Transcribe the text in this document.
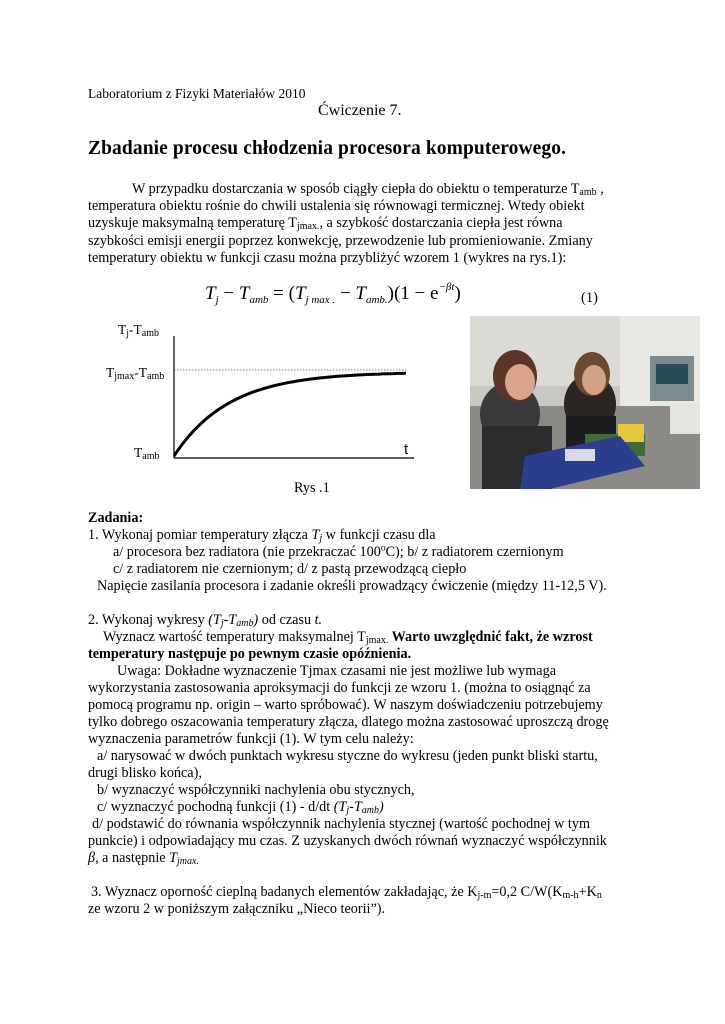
Laboratorium z Fizyki Materiałów 2010
Ćwiczenie 7.
Zbadanie procesu chłodzenia procesora komputerowego.
W przypadku dostarczania w sposób ciągły ciepła do obiektu o temperaturze $T_{amb}$ ,
temperatura obiektu rośnie do chwili ustalenia się równowagi termicznej. Wtedy obiekt
uzyskuje maksymalną temperaturę $T_{jmax.}$, a szybkość dostarczania ciepła jest równa
szybkości emisji energii poprzez konwekcję, przewodzenie lub promieniowanie. Zmiany
temperatury obiektu w funkcji czasu można przybliżyć wzorem 1 (wykres na rys.1):
$T_j - T_{amb} = (T_{j max .} - T_{amb.})(1 - e^{-\beta t})$	(1)
$T_j-T_{amb}$
$T_{jmax}-T_{amb}$
$T_{amb}$	t
Rys .1
Zadania:
1. Wykonaj pomiar temperatury złącza $T_j$ w funkcji czasu dla
a/ procesora bez radiatora (nie przekraczać 100$^o$C); b/ z radiatorem czernionym
c/ z radiatorem nie czernionym; d/ z pastą przewodzącą ciepło
Napięcie zasilania procesora i zadanie określi prowadzący ćwiczenie (między 11-12,5 V).
2. Wykonaj wykresy $(T_j-T_{amb})$ od czasu t.
Wyznacz wartość temperatury maksymalnej $T_{jmax.}$ Warto uwzględnić fakt, że wzrost
temperatury następuje po pewnym czasie opóźnienia.
Uwaga: Dokładne wyznaczenie Tjmax czasami nie jest możliwe lub wymaga
wykorzystania zastosowania aproksymacji do funkcji ze wzoru 1. (można to osiągnąć za
pomocą programu np. origin – warto spróbować). W naszym doświadczeniu potrzebujemy
tylko dobrego oszacowania temperatury złącza, dlatego można zastosować uproszczą drogę
wyznaczenia parametrów funkcji (1). W tym celu należy:
a/ narysować w dwóch punktach wykresu styczne do wykresu (jeden punkt bliski startu,
drugi blisko końca),
b/ wyznaczyć współczynniki nachylenia obu stycznych,
c/ wyznaczyć pochodną funkcji (1) - d/dt $(T_j-T_{amb})$
d/ podstawić do równania współczynnik nachylenia stycznej (wartość pochodnej w tym
punkcie) i odpowiadający mu czas. Z uzyskanych dwóch równań wyznaczyć współczynnik
β, a następnie $T_{jmax.}$
3. Wyznacz oporność cieplną badanych elementów zakładając, że $K_{j-m}=0,2$ $C/W(K_{m-h}+K_n$
ze wzoru 2 w poniższym załączniku „Nieco teorii”).
